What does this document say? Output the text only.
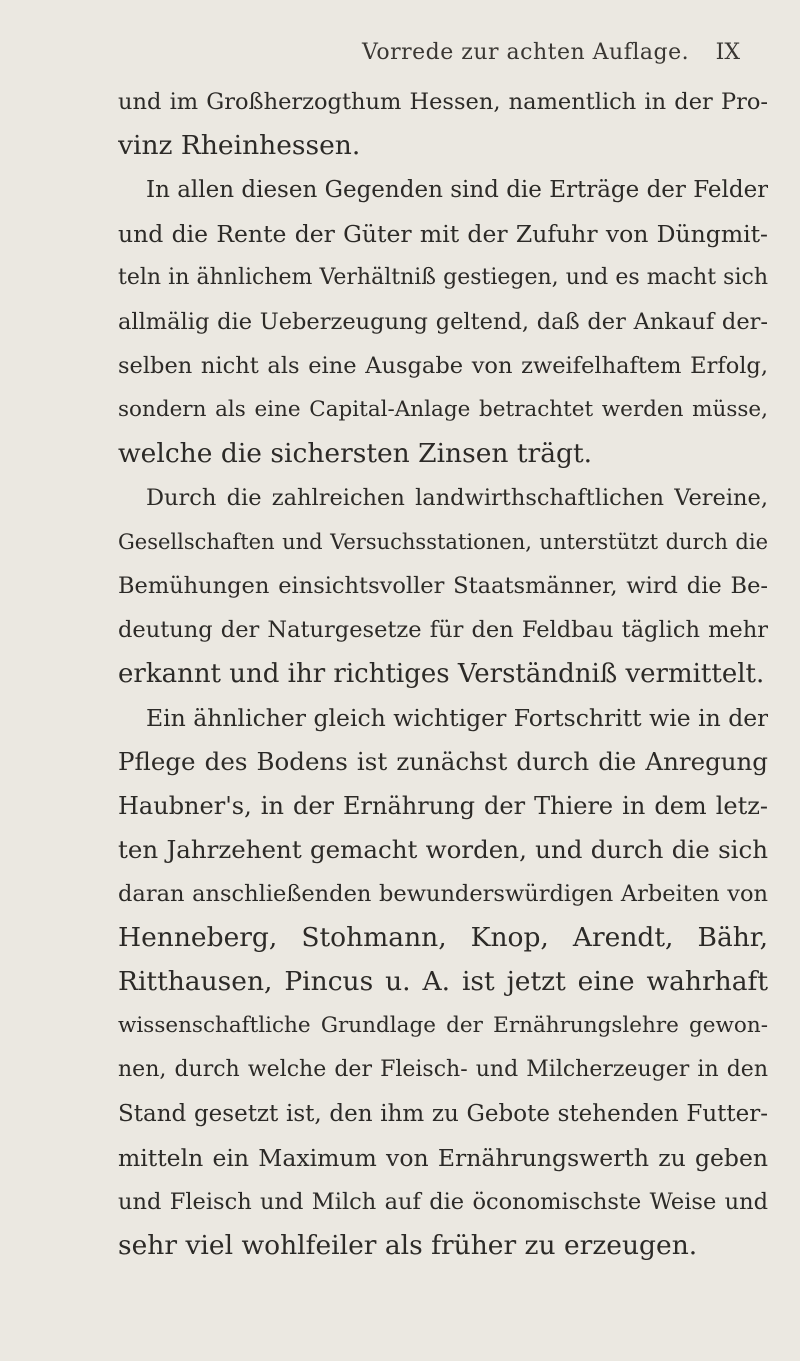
Vorrede zur achten Auflage. IX
und im Großherzogthum Hessen, namentlich in der Pro-
vinz Rheinhessen.
In allen diesen Gegenden sind die Erträge der Felder
und die Rente der Güter mit der Zufuhr von Düngmit-
teln in ähnlichem Verhältniß gestiegen, und es macht sich
allmälig die Ueberzeugung geltend, daß der Ankauf der-
selben nicht als eine Ausgabe von zweifelhaftem Erfolg,
sondern als eine Capital-Anlage betrachtet werden müsse,
welche die sichersten Zinsen trägt.
Durch die zahlreichen landwirthschaftlichen Vereine,
Gesellschaften und Versuchsstationen, unterstützt durch die
Bemühungen einsichtsvoller Staatsmänner, wird die Be-
deutung der Naturgesetze für den Feldbau täglich mehr
erkannt und ihr richtiges Verständniß vermittelt.
Ein ähnlicher gleich wichtiger Fortschritt wie in der
Pflege des Bodens ist zunächst durch die Anregung
Haubner's, in der Ernährung der Thiere in dem letz-
ten Jahrzehent gemacht worden, und durch die sich
daran anschließenden bewunderswürdigen Arbeiten von
Henneberg, Stohmann, Knop, Arendt, Bähr,
Ritthausen, Pincus u. A. ist jetzt eine wahrhaft
wissenschaftliche Grundlage der Ernährungslehre gewon-
nen, durch welche der Fleisch- und Milcherzeuger in den
Stand gesetzt ist, den ihm zu Gebote stehenden Futter-
mitteln ein Maximum von Ernährungswerth zu geben
und Fleisch und Milch auf die öconomischste Weise und
sehr viel wohlfeiler als früher zu erzeugen.
